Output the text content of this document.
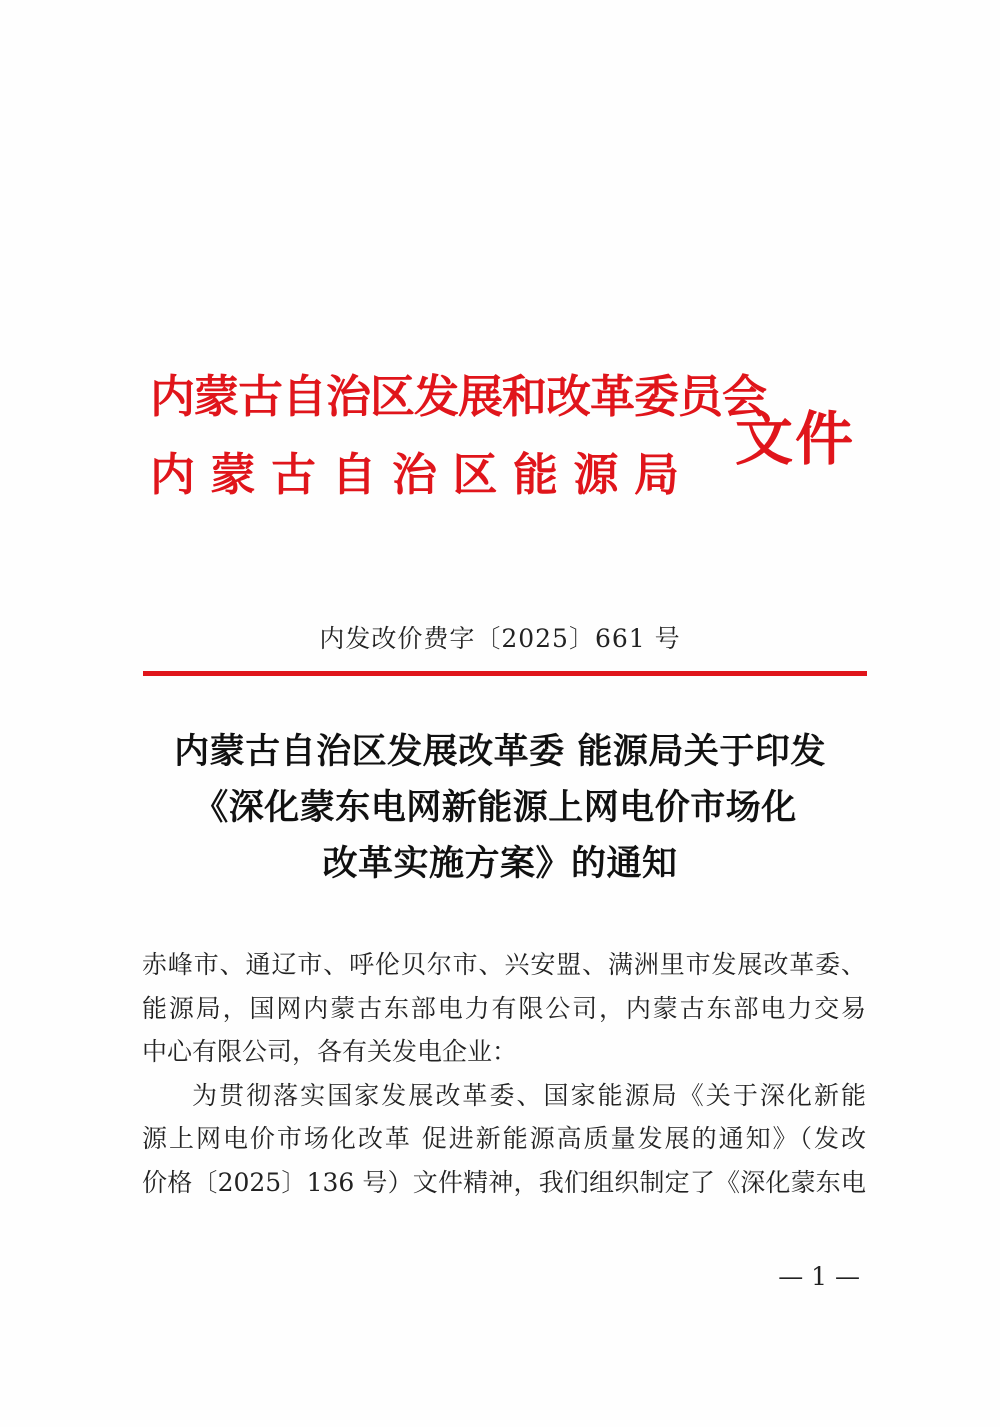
内蒙古自治区发展和改革委员会
内蒙古自治区能源局
文件
内发改价费字〔2025〕661 号
内蒙古自治区发展改革委 能源局关于印发
《深化蒙东电网新能源上网电价市场化
改革实施方案》的通知

赤峰市、通辽市、呼伦贝尔市、兴安盟、满洲里市发展改革委、

能源局，国网内蒙古东部电力有限公司，内蒙古东部电力交易

中心有限公司，各有关发电企业：

为贯彻落实国家发展改革委、国家能源局《关于深化新能

源上网电价市场化改革 促进新能源高质量发展的通知》（发改

价格〔2025〕136 号）文件精神，我们组织制定了《深化蒙东电

— 1 —
